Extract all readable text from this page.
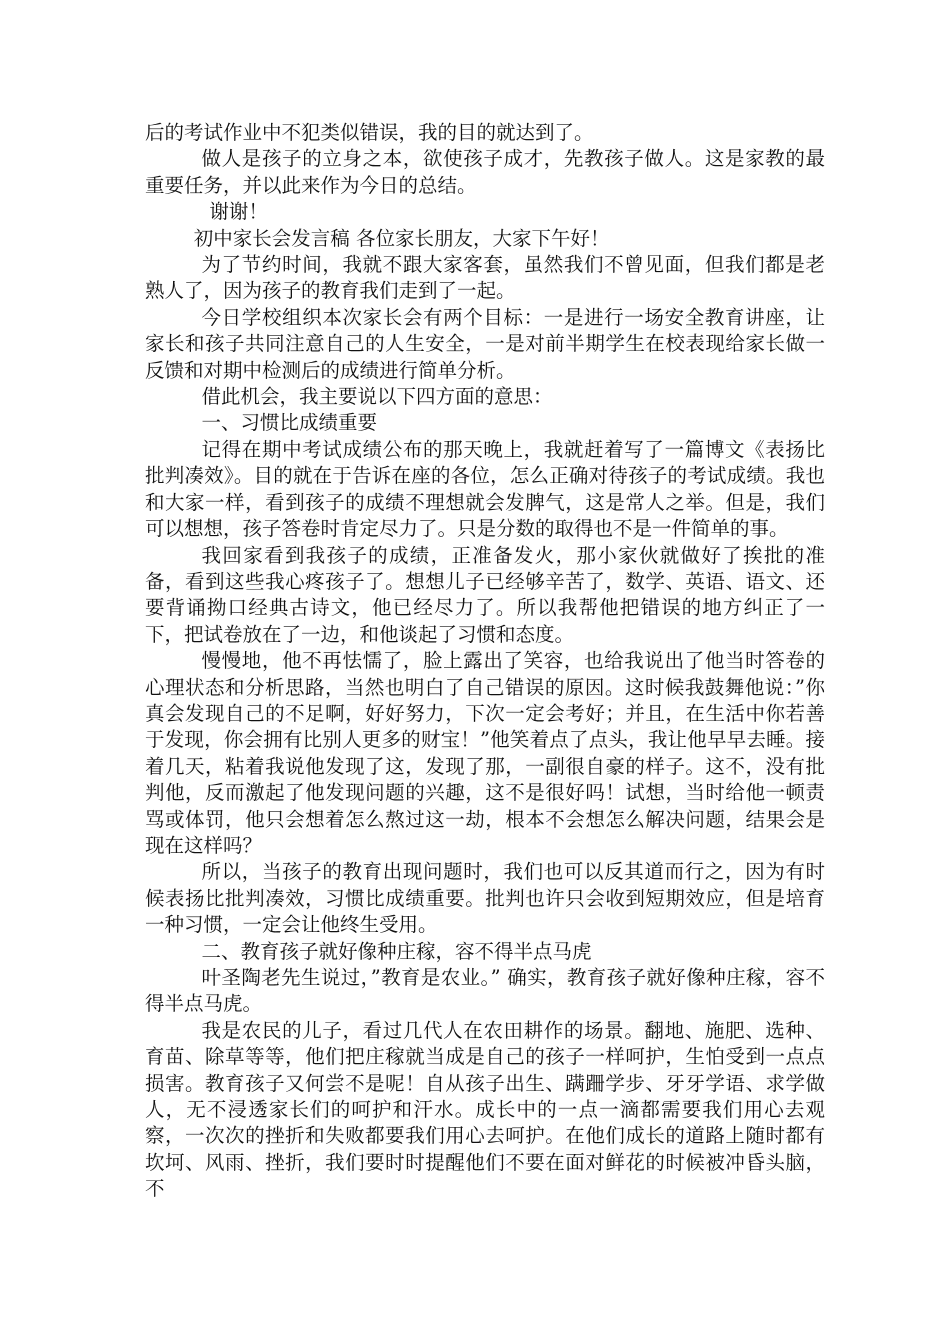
后的考试作业中不犯类似错误，我的目的就达到了。

做人是孩子的立身之本，欲使孩子成才，先教孩子做人。这是家教的最重要任务，并以此来作为今日的总结。

谢谢！

初中家长会发言稿 各位家长朋友，大家下午好！

为了节约时间，我就不跟大家客套，虽然我们不曾见面，但我们都是老熟人了，因为孩子的教育我们走到了一起。

今日学校组织本次家长会有两个目标：一是进行一场安全教育讲座，让家长和孩子共同注意自己的人生安全，一是对前半期学生在校表现给家长做一反馈和对期中检测后的成绩进行简单分析。

借此机会，我主要说以下四方面的意思：

一、习惯比成绩重要

记得在期中考试成绩公布的那天晚上，我就赶着写了一篇博文《表扬比批判凑效》。目的就在于告诉在座的各位，怎么正确对待孩子的考试成绩。我也和大家一样，看到孩子的成绩不理想就会发脾气，这是常人之举。但是，我们可以想想，孩子答卷时肯定尽力了。只是分数的取得也不是一件简单的事。

我回家看到我孩子的成绩，正准备发火，那小家伙就做好了挨批的准备，看到这些我心疼孩子了。想想儿子已经够辛苦了，数学、英语、语文、还要背诵拗口经典古诗文，他已经尽力了。所以我帮他把错误的地方纠正了一下，把试卷放在了一边，和他谈起了习惯和态度。

慢慢地，他不再怯懦了，脸上露出了笑容，也给我说出了他当时答卷的心理状态和分析思路，当然也明白了自己错误的原因。这时候我鼓舞他说：”你真会发现自己的不足啊，好好努力，下次一定会考好；并且，在生活中你若善于发现，你会拥有比别人更多的财宝！”他笑着点了点头，我让他早早去睡。接着几天，粘着我说他发现了这，发现了那，一副很自豪的样子。这不，没有批判他，反而激起了他发现问题的兴趣，这不是很好吗！试想，当时给他一顿责骂或体罚，他只会想着怎么熬过这一劫，根本不会想怎么解决问题，结果会是现在这样吗？

所以，当孩子的教育出现问题时，我们也可以反其道而行之，因为有时候表扬比批判凑效，习惯比成绩重要。批判也许只会收到短期效应，但是培育一种习惯，一定会让他终生受用。

二、教育孩子就好像种庄稼，容不得半点马虎

叶圣陶老先生说过，”教育是农业。” 确实，教育孩子就好像种庄稼，容不得半点马虎。

我是农民的儿子，看过几代人在农田耕作的场景。翻地、施肥、选种、育苗、除草等等，他们把庄稼就当成是自己的孩子一样呵护，生怕受到一点点损害。教育孩子又何尝不是呢！自从孩子出生、蹒跚学步、牙牙学语、求学做人，无不浸透家长们的呵护和汗水。成长中的一点一滴都需要我们用心去观察，一次次的挫折和失败都要我们用心去呵护。在他们成长的道路上随时都有坎坷、风雨、挫折，我们要时时提醒他们不要在面对鲜花的时候被冲昏头脑，不
